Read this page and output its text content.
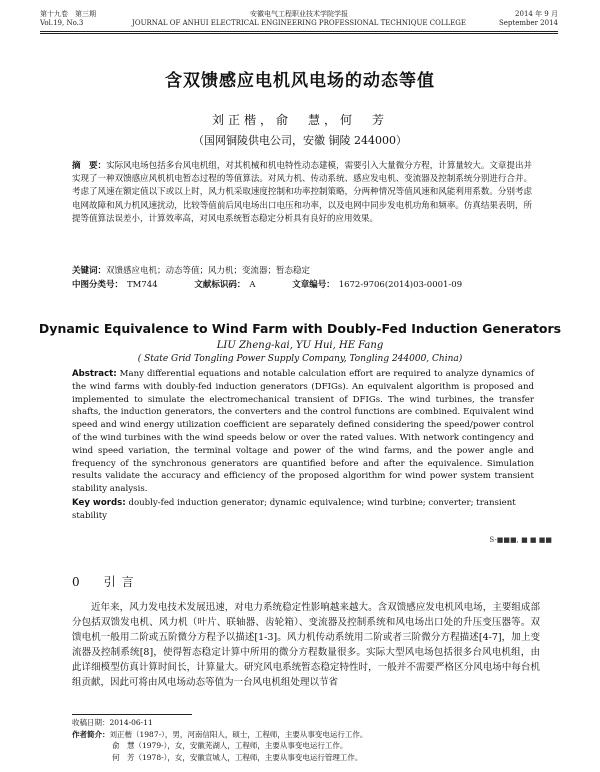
第十九卷　第三期
Vol.19, No.3
安徽电气工程职业技术学院学报
JOURNAL OF ANHUI ELECTRICAL ENGINEERING PROFESSIONAL TECHNIQUE COLLEGE
2014 年 9 月
September 2014
含双馈感应电机风电场的动态等值
刘正楷，俞　慧，何　芳
（国网铜陵供电公司，安徽 铜陵 244000）
摘　要：实际风电场包括多台风电机组，对其机械和机电特性动态建模，需要引入大量微分方程，计算量较大。文章提出并实现了一种双馈感应风机机电暂态过程的等值算法。对风力机、传动系统、感应发电机、变流器及控制系统分别进行合并。考虑了风速在额定值以下或以上时，风力机采取速度控制和功率控制策略，分两种情况等值风速和风能利用系数。分别考虑电网故障和风力机风速扰动，比较等值前后风电场出口电压和功率，以及电网中同步发电机功角和频率。仿真结果表明，所提等值算法误差小，计算效率高，对风电系统暂态稳定分析具有良好的应用效果。
关键词：双馈感应电机；动态等值；风力机；变流器；暂态稳定
中图分类号： TM744	文献标识码： A	文章编号： 1672-9706(2014)03-0001-09
Dynamic Equivalence to Wind Farm with Doubly-Fed Induction Generators
LIU Zheng-kai, YU Hui, HE Fang
( State Grid Tongling Power Supply Company, Tongling 244000, China)
Abstract: Many differential equations and notable calculation effort are required to analyze dynamics of the wind farms with doubly-fed induction generators (DFIGs). An equivalent algorithm is proposed and implemented to simulate the electromechanical transient of DFIGs. The wind turbines, the transfer shafts, the induction generators, the converters and the control functions are combined. Equivalent wind speed and wind energy utilization coefficient are separately defined considering the speed/power control of the wind turbines with the wind speeds below or over the rated values. With network contingency and wind speed variation, the terminal voltage and power of the wind farms, and the power angle and frequency of the synchronous generators are quantified before and after the equivalence. Simulation results validate the accuracy and efficiency of the proposed algorithm for wind power system transient stability analysis.
Key words: doubly-fed induction generator; dynamic equivalence; wind turbine; converter; transient stability
S-■■■, ■ ■ ■■
0　引言
近年来，风力发电技术发展迅速，对电力系统稳定性影响越来越大。含双馈感应发电机风电场，主要组成部分包括双馈发电机、风力机（叶片、联轴器、齿轮箱）、变流器及控制系统和风电场出口处的升压变压器等。双馈电机一般用二阶或五阶微分方程予以描述[1-3]。风力机传动系统用二阶或者三阶微分方程描述[4-7]，加上变流器及控制系统[8]，使得暂态稳定计算中所用的微分方程数量很多。实际大型风电场包括很多台风电机组，由此详细模型仿真计算时间长，计算量大。研究风电系统暂态稳定特性时，一般并不需要严格区分风电场中每台机组贡献，因此可将由风电场动态等值为一台风电机组处理以节省
收稿日期：2014-06-11
作者简介：刘正楷（1987-），男，河南信阳人，硕士，工程师，主要从事变电运行工作。
俞　慧（1979-），女，安徽芜湖人，工程师，主要从事变电运行工作。
何　芳（1978-），女，安徽宣城人，工程师，主要从事变电运行管理工作。
